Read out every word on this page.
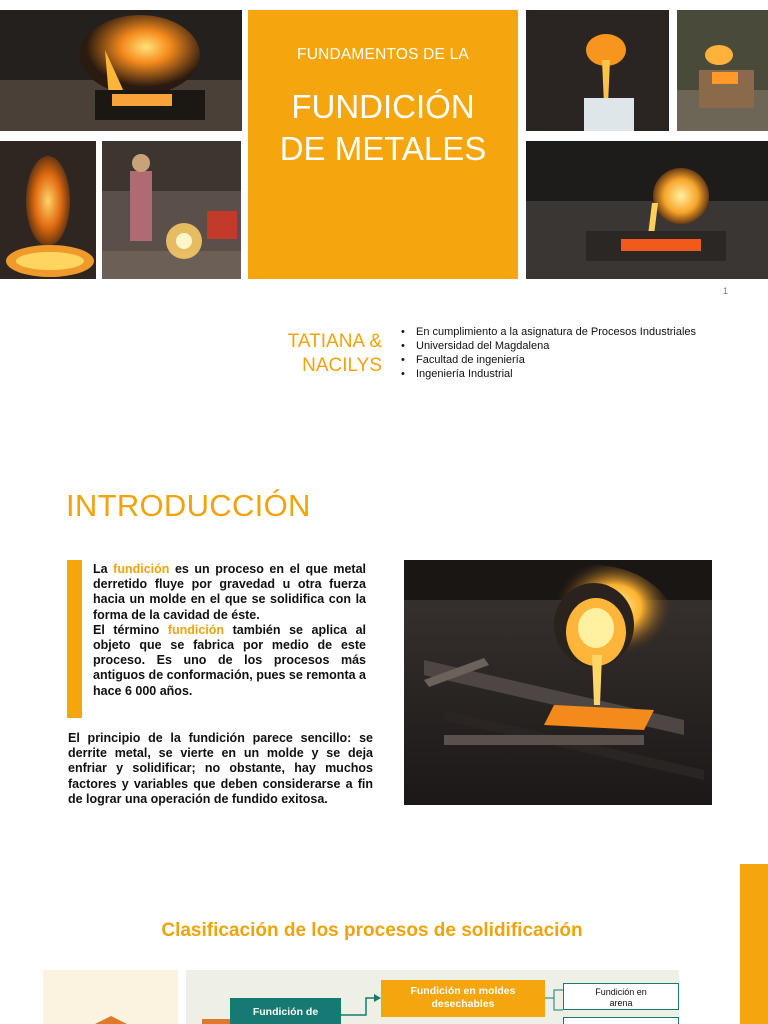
FUNDAMENTOS DE LA
FUNDICIÓN
DE METALES
1
TATIANA &
NACILYS
• En cumplimiento a la asignatura de Procesos Industriales
• Universidad del Magdalena
• Facultad de ingeniería
• Ingeniería Industrial
INTRODUCCIÓN
La fundición es un proceso en el que metal derretido fluye por gravedad u otra fuerza hacia un molde en el que se solidifica con la forma de la cavidad de éste.
El término fundición también se aplica al objeto que se fabrica por medio de este proceso. Es uno de los procesos más antiguos de conformación, pues se remonta a hace 6 000 años.
El principio de la fundición parece sencillo: se derrite metal, se vierte en un molde y se deja enfriar y solidificar; no obstante, hay muchos factores y variables que deben considerarse a fin de lograr una operación de fundido exitosa.
Clasificación de los procesos de solidificación
Fundición de
Fundición en moldes
desechables
Fundición en
arena
